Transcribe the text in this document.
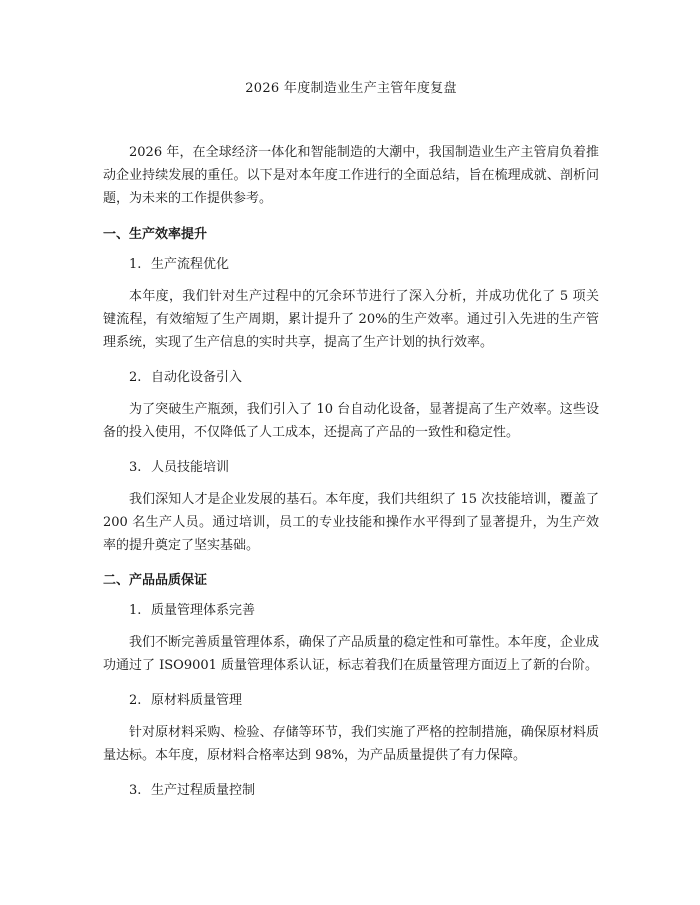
2026 年度制造业生产主管年度复盘

2026 年，在全球经济一体化和智能制造的大潮中，我国制造业生产主管肩负着推动企业持续发展的重任。以下是对本年度工作进行的全面总结，旨在梳理成就、剖析问题，为未来的工作提供参考。

一、生产效率提升
1. 生产流程优化

本年度，我们针对生产过程中的冗余环节进行了深入分析，并成功优化了 5 项关键流程，有效缩短了生产周期，累计提升了 20%的生产效率。通过引入先进的生产管理系统，实现了生产信息的实时共享，提高了生产计划的执行效率。

2. 自动化设备引入

为了突破生产瓶颈，我们引入了 10 台自动化设备，显著提高了生产效率。这些设备的投入使用，不仅降低了人工成本，还提高了产品的一致性和稳定性。

3. 人员技能培训

我们深知人才是企业发展的基石。本年度，我们共组织了 15 次技能培训，覆盖了 200 名生产人员。通过培训，员工的专业技能和操作水平得到了显著提升，为生产效率的提升奠定了坚实基础。

二、产品品质保证
1. 质量管理体系完善

我们不断完善质量管理体系，确保了产品质量的稳定性和可靠性。本年度，企业成功通过了 ISO9001 质量管理体系认证，标志着我们在质量管理方面迈上了新的台阶。

2. 原材料质量管理

针对原材料采购、检验、存储等环节，我们实施了严格的控制措施，确保原材料质量达标。本年度，原材料合格率达到 98%，为产品质量提供了有力保障。

3. 生产过程质量控制
